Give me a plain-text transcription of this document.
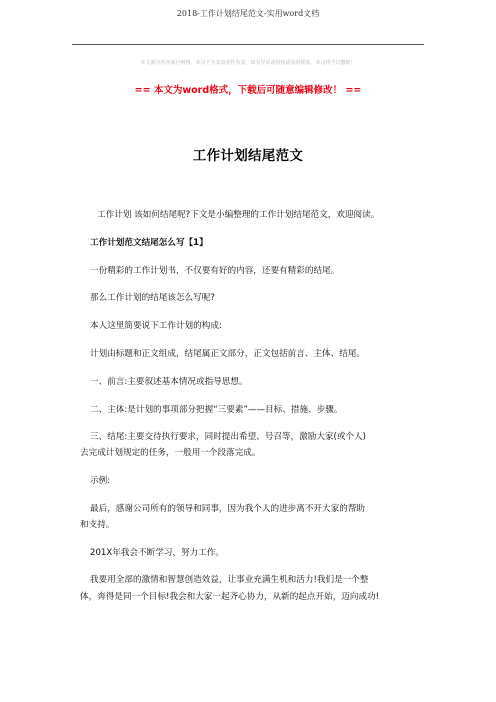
2018-工作计划结尾范文-实用word文档
本文部分内容来自网络，本司不为其真实性负责，如有异议或侵权请及时联系，本司将予以删除！
== 本文为word格式，下载后可随意编辑修改！ ==
工作计划结尾范文
工作计划 该如何结尾呢?下文是小编整理的工作计划结尾范文，欢迎阅读。
工作计划范文结尾怎么写【1】
一份精彩的工作计划书，不仅要有好的内容，还要有精彩的结尾。
那么工作计划的结尾该怎么写呢?
本人这里简要说下工作计划的构成:
计划由标题和正文组成，结尾属正文部分，正文包括前言、主体、结尾。
一、前言:主要叙述基本情况或指导思想。
二、主体:是计划的事项部分把握“三要素”——目标、措施、步骤。
三、结尾:主要交待执行要求，同时提出希望、号召等，激励大家(或个人)
去完成计划规定的任务，一般用一个段落完成。
示例:
最后，感谢公司所有的领导和同事，因为我个人的进步离不开大家的帮助
和支持。
201X年我会不断学习，努力工作。
我要用全部的激情和智慧创造效益，让事业充满生机和活力!我们是一个整
体，奔得是同一个目标!我会和大家一起齐心协力，从新的起点开始，迈向成功!
